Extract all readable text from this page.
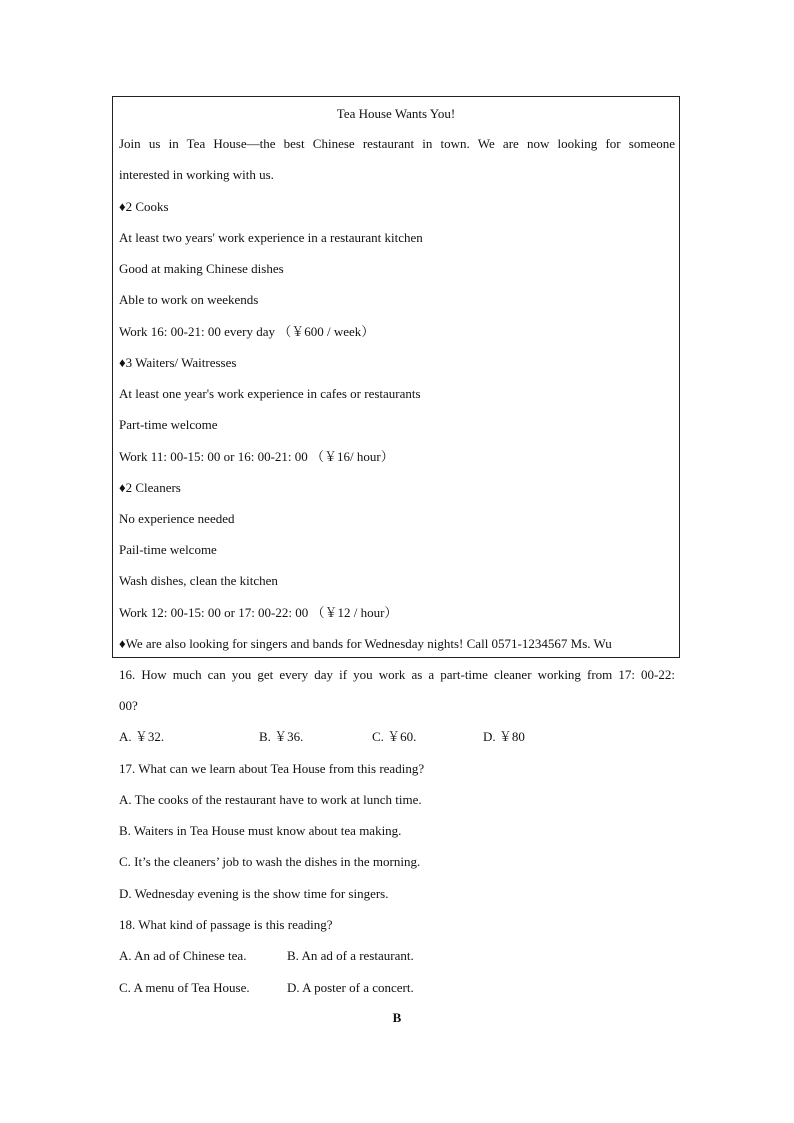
Tea House Wants You!
Join us in Tea House—the best Chinese restaurant in town. We are now looking for someone
interested in working with us.
♦2 Cooks
At least two years' work experience in a restaurant kitchen
Good at making Chinese dishes
Able to work on weekends
Work 16: 00-21: 00 every day （￥600 / week）
♦3 Waiters/ Waitresses
At least one year's work experience in cafes or restaurants
Part-time welcome
Work 11: 00-15: 00 or 16: 00-21: 00 （￥16/ hour）
♦2 Cleaners
No experience needed
Pail-time welcome
Wash dishes, clean the kitchen
Work 12: 00-15: 00 or 17: 00-22: 00 （￥12 / hour）
♦We are also looking for singers and bands for Wednesday nights! Call 0571-1234567 Ms. Wu
16. How much can you get every day if you work as a part-time cleaner working from 17: 00-22:
00?
A. ￥32.	B. ￥36.	C. ￥60.	D. ￥80
17. What can we learn about Tea House from this reading?
A. The cooks of the restaurant have to work at lunch time.
B. Waiters in Tea House must know about tea making.
C. It’s the cleaners’ job to wash the dishes in the morning.
D. Wednesday evening is the show time for singers.
18. What kind of passage is this reading?
A. An ad of Chinese tea.	B. An ad of a restaurant.
C. A menu of Tea House.	D. A poster of a concert.
B
